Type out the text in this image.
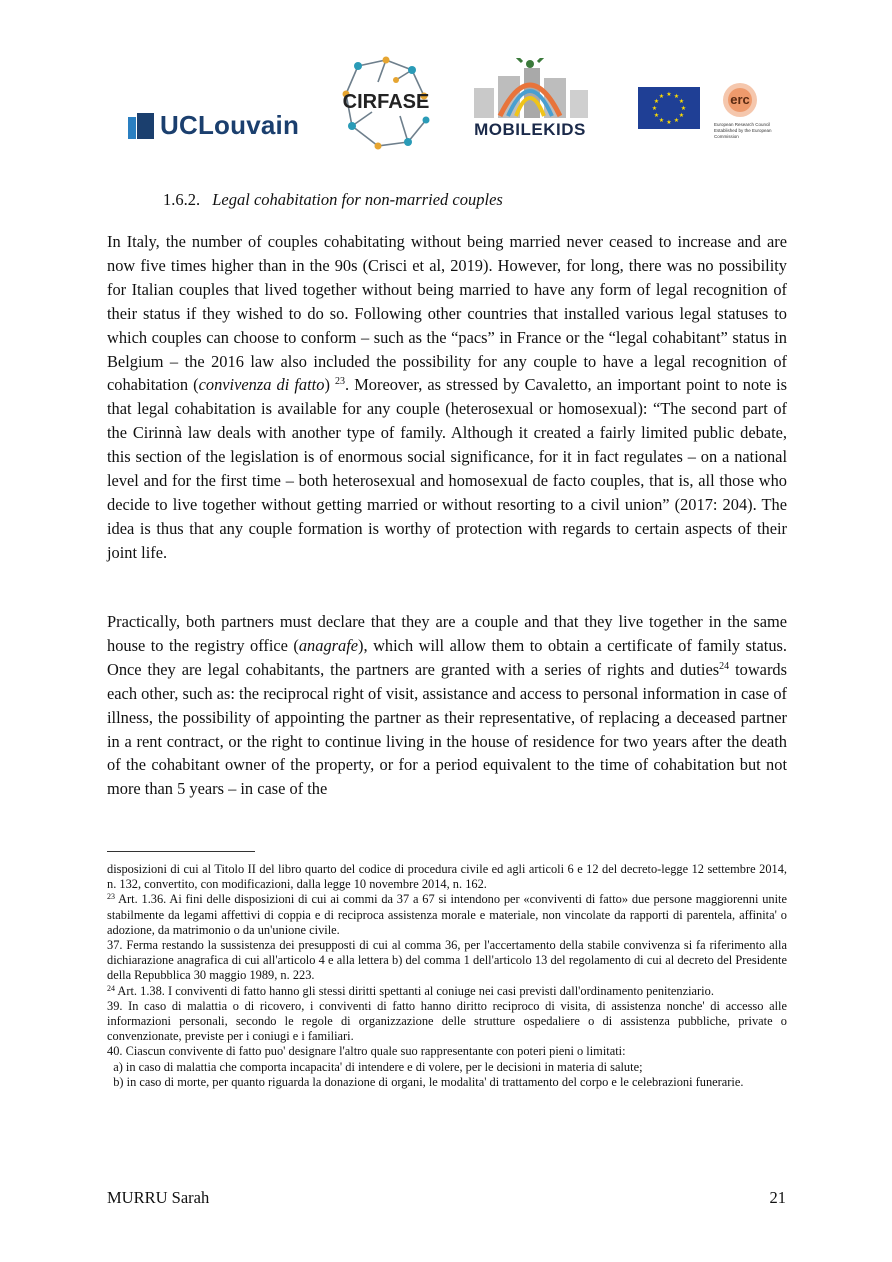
UCLouvain
CIRFASE
MOBILEKIDS
★ ★
★
★
★
★
★
★
★
★
★
★	erc
European Research Council
Established by the European Commission
1.6.2. Legal cohabitation for non-married couples

In Italy, the number of couples cohabitating without being married never ceased to increase and are now five times higher than in the 90s (Crisci et al, 2019). However, for long, there was no possibility for Italian couples that lived together without being married to have any form of legal recognition of their status if they wished to do so. Following other countries that installed various legal statuses to which couples can choose to conform – such as the “pacs” in France or the “legal cohabitant” status in Belgium – the 2016 law also included the possibility for any couple to have a legal recognition of cohabitation (convivenza di fatto) $^{23}$. Moreover, as stressed by Cavaletto, an important point to note is that legal cohabitation is available for any couple (heterosexual or homosexual): “The second part of the Cirinnà law deals with another type of family. Although it created a fairly limited public debate, this section of the legislation is of enormous social significance, for it in fact regulates – on a national level and for the first time – both heterosexual and homosexual de facto couples, that is, all those who decide to live together without getting married or without resorting to a civil union” (2017: 204). The idea is thus that any couple formation is worthy of protection with regards to certain aspects of their joint life.

Practically, both partners must declare that they are a couple and that they live together in the same house to the registry office (anagrafe), which will allow them to obtain a certificate of family status. Once they are legal cohabitants, the partners are granted with a series of rights and duties$^{24}$ towards each other, such as: the reciprocal right of visit, assistance and access to personal information in case of illness, the possibility of appointing the partner as their representative, of replacing a deceased partner in a rent contract, or the right to continue living in the house of residence for two years after the death of the cohabitant owner of the property, or for a period equivalent to the time of cohabitation but not more than 5 years – in case of the

disposizioni di cui al Titolo II del libro quarto del codice di procedura civile ed agli articoli 6 e 12 del decreto-legge 12 settembre 2014, n. 132, convertito, con modificazioni, dalla legge 10 novembre 2014, n. 162.

$^{23}$ Art. 1.36. Ai fini delle disposizioni di cui ai commi da 37 a 67 si intendono per «conviventi di fatto» due persone maggiorenni unite stabilmente da legami affettivi di coppia e di reciproca assistenza morale e materiale, non vincolate da rapporti di parentela, affinita' o adozione, da matrimonio o da un'unione civile.

37. Ferma restando la sussistenza dei presupposti di cui al comma 36, per l'accertamento della stabile convivenza si fa riferimento alla dichiarazione anagrafica di cui all'articolo 4 e alla lettera b) del comma 1 dell'articolo 13 del regolamento di cui al decreto del Presidente della Repubblica 30 maggio 1989, n. 223.

$^{24}$ Art. 1.38. I conviventi di fatto hanno gli stessi diritti spettanti al coniuge nei casi previsti dall'ordinamento penitenziario.

39. In caso di malattia o di ricovero, i conviventi di fatto hanno diritto reciproco di visita, di assistenza nonche' di accesso alle informazioni personali, secondo le regole di organizzazione delle strutture ospedaliere o di assistenza pubbliche, private o convenzionate, previste per i coniugi e i familiari.

40. Ciascun convivente di fatto puo' designare l'altro quale suo rappresentante con poteri pieni o limitati:

a) in caso di malattia che comporta incapacita' di intendere e di volere, per le decisioni in materia di salute;

b) in caso di morte, per quanto riguarda la donazione di organi, le modalita' di trattamento del corpo e le celebrazioni funerarie.

MURRU Sarah	21
